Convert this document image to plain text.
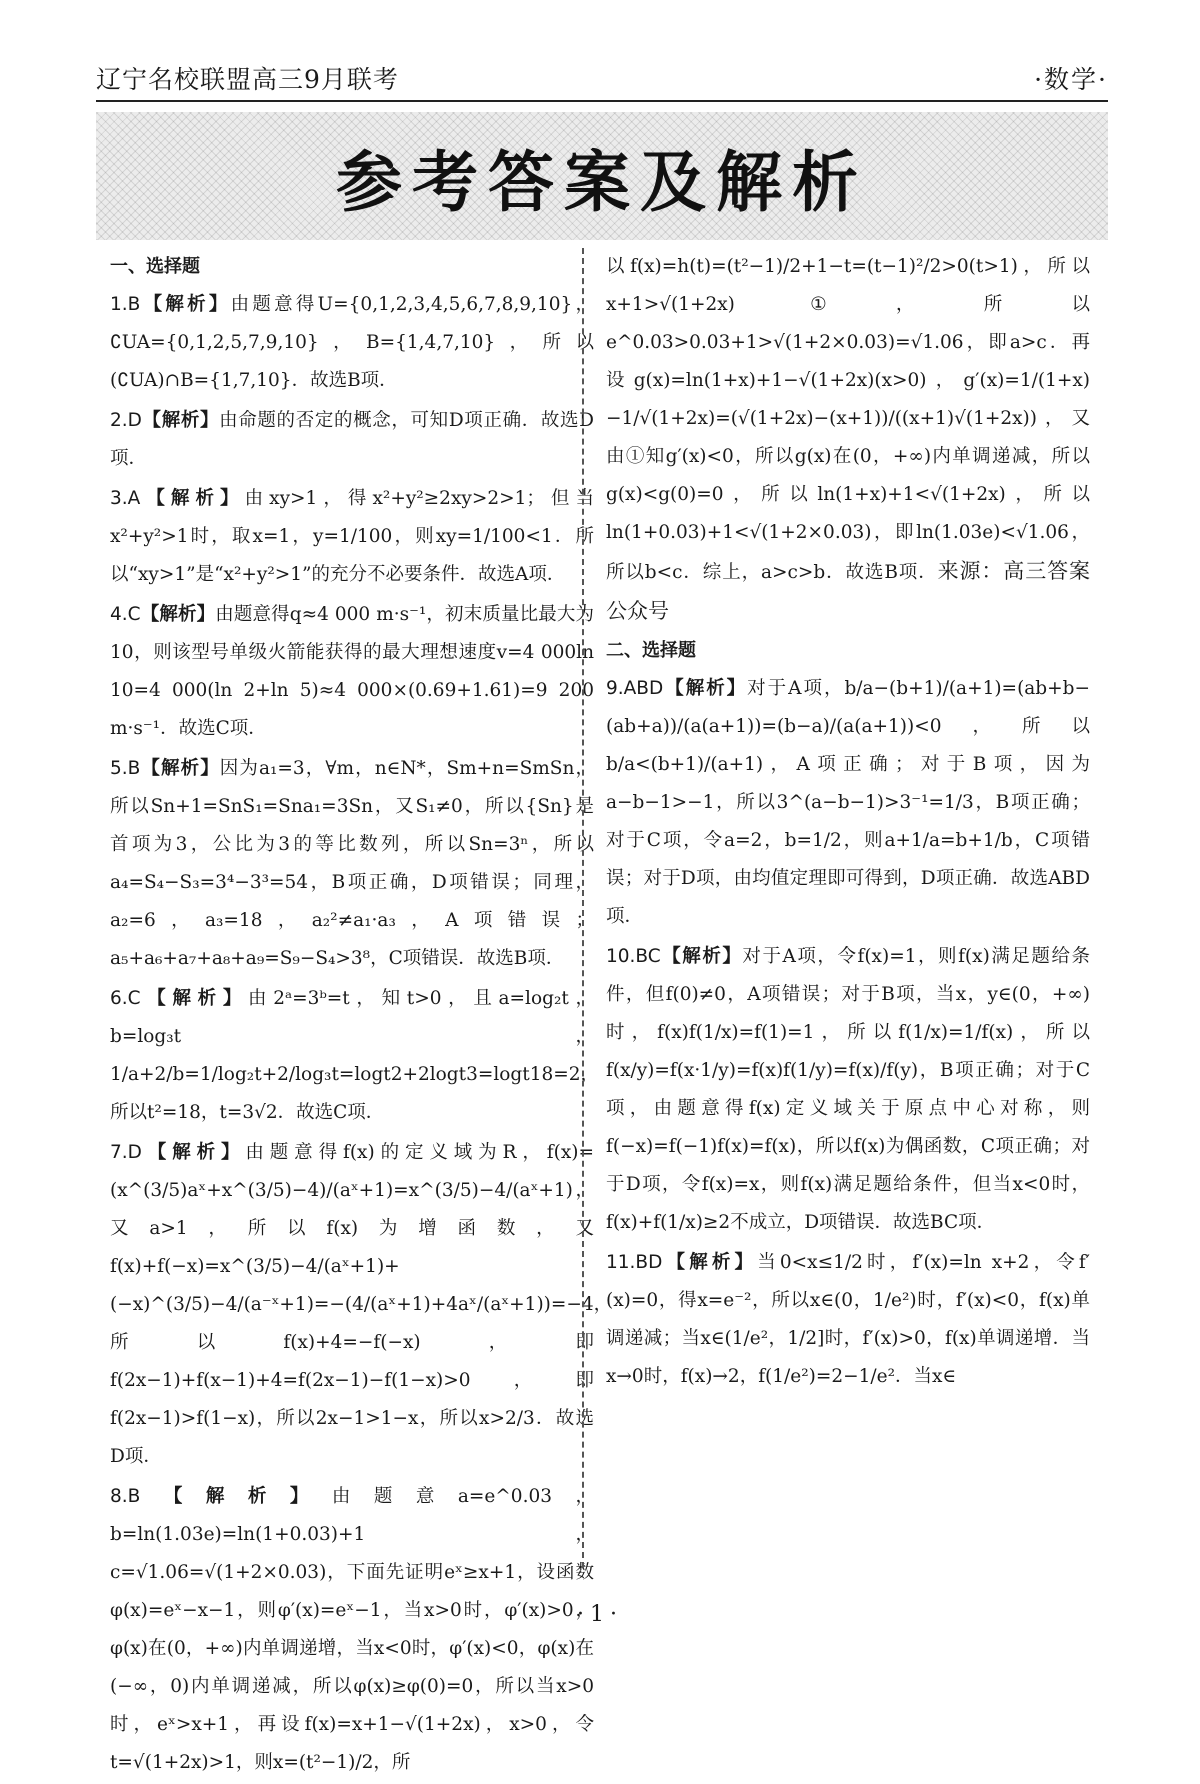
辽宁名校联盟高三9月联考	·数学·
参考答案及解析

一、选择题

1.B【解析】由题意得U={0,1,2,3,4,5,6,7,8,9,10}，∁UA={0,1,2,5,7,9,10}，B={1,4,7,10}，所以(∁UA)∩B={1,7,10}．故选B项．

2.D【解析】由命题的否定的概念，可知D项正确．故选D项．

3.A【解析】由xy>1，得x²+y²≥2xy>2>1；但当x²+y²>1时，取x=1，y=1/100，则xy=1/100<1．所以“xy>1”是“x²+y²>1”的充分不必要条件．故选A项．

4.C【解析】由题意得q≈4 000 m·s⁻¹，初末质量比最大为10，则该型号单级火箭能获得的最大理想速度v=4 000ln 10=4 000(ln 2+ln 5)≈4 000×(0.69+1.61)=9 200 m·s⁻¹．故选C项．

5.B【解析】因为a₁=3，∀m，n∈N*，Sm+n=SmSn，所以Sn+1=SnS₁=Sna₁=3Sn，又S₁≠0，所以{Sn}是首项为3，公比为3的等比数列，所以Sn=3ⁿ，所以a₄=S₄−S₃=3⁴−3³=54，B项正确，D项错误；同理，a₂=6，a₃=18，a₂²≠a₁·a₃，A项错误；a₅+a₆+a₇+a₈+a₉=S₉−S₄>3⁸，C项错误．故选B项．

6.C【解析】由2ᵃ=3ᵇ=t，知t>0，且a=log₂t，b=log₃t，1/a+2/b=1/log₂t+2/log₃t=logt2+2logt3=logt18=2，所以t²=18，t=3√2．故选C项．

7.D【解析】由题意得f(x)的定义域为R，f(x)=(x^(3/5)aˣ+x^(3/5)−4)/(aˣ+1)=x^(3/5)−4/(aˣ+1)，又a>1，所以f(x)为增函数，又f(x)+f(−x)=x^(3/5)−4/(aˣ+1)+(−x)^(3/5)−4/(a⁻ˣ+1)=−(4/(aˣ+1)+4aˣ/(aˣ+1))=−4，所以f(x)+4=−f(−x)，即f(2x−1)+f(x−1)+4=f(2x−1)−f(1−x)>0，即f(2x−1)>f(1−x)，所以2x−1>1−x，所以x>2/3．故选D项．

8.B【解析】由题意a=e^0.03，b=ln(1.03e)=ln(1+0.03)+1，c=√1.06=√(1+2×0.03)，下面先证明eˣ≥x+1，设函数φ(x)=eˣ−x−1，则φ′(x)=eˣ−1，当x>0时，φ′(x)>0，φ(x)在(0，+∞)内单调递增，当x<0时，φ′(x)<0，φ(x)在(−∞，0)内单调递减，所以φ(x)≥φ(0)=0，所以当x>0时，eˣ>x+1，再设f(x)=x+1−√(1+2x)，x>0，令t=√(1+2x)>1，则x=(t²−1)/2，所

以f(x)=h(t)=(t²−1)/2+1−t=(t−1)²/2>0(t>1)，所以x+1>√(1+2x) ①，所以e^0.03>0.03+1>√(1+2×0.03)=√1.06，即a>c．再设g(x)=ln(1+x)+1−√(1+2x)(x>0)，g′(x)=1/(1+x)−1/√(1+2x)=(√(1+2x)−(x+1))/((x+1)√(1+2x))，又由①知g′(x)<0，所以g(x)在(0，+∞)内单调递减，所以g(x)<g(0)=0，所以ln(1+x)+1<√(1+2x)，所以ln(1+0.03)+1<√(1+2×0.03)，即ln(1.03e)<√1.06，所以b<c．综上，a>c>b．故选B项．来源：高三答案公众号

二、选择题

9.ABD【解析】对于A项，b/a−(b+1)/(a+1)=(ab+b−(ab+a))/(a(a+1))=(b−a)/(a(a+1))<0，所以b/a<(b+1)/(a+1)，A项正确；对于B项，因为a−b−1>−1，所以3^(a−b−1)>3⁻¹=1/3，B项正确；对于C项，令a=2，b=1/2，则a+1/a=b+1/b，C项错误；对于D项，由均值定理即可得到，D项正确．故选ABD项．

10.BC【解析】对于A项，令f(x)=1，则f(x)满足题给条件，但f(0)≠0，A项错误；对于B项，当x，y∈(0，+∞)时，f(x)f(1/x)=f(1)=1，所以f(1/x)=1/f(x)，所以f(x/y)=f(x·1/y)=f(x)f(1/y)=f(x)/f(y)，B项正确；对于C项，由题意得f(x)定义域关于原点中心对称，则f(−x)=f(−1)f(x)=f(x)，所以f(x)为偶函数，C项正确；对于D项，令f(x)=x，则f(x)满足题给条件，但当x<0时，f(x)+f(1/x)≥2不成立，D项错误．故选BC项．

11.BD【解析】当0<x≤1/2时，f′(x)=ln x+2，令f′(x)=0，得x=e⁻²，所以x∈(0，1/e²)时，f′(x)<0，f(x)单调递减；当x∈(1/e²，1/2]时，f′(x)>0，f(x)单调递增．当x→0时，f(x)→2，f(1/e²)=2−1/e²．当x∈

·1·
